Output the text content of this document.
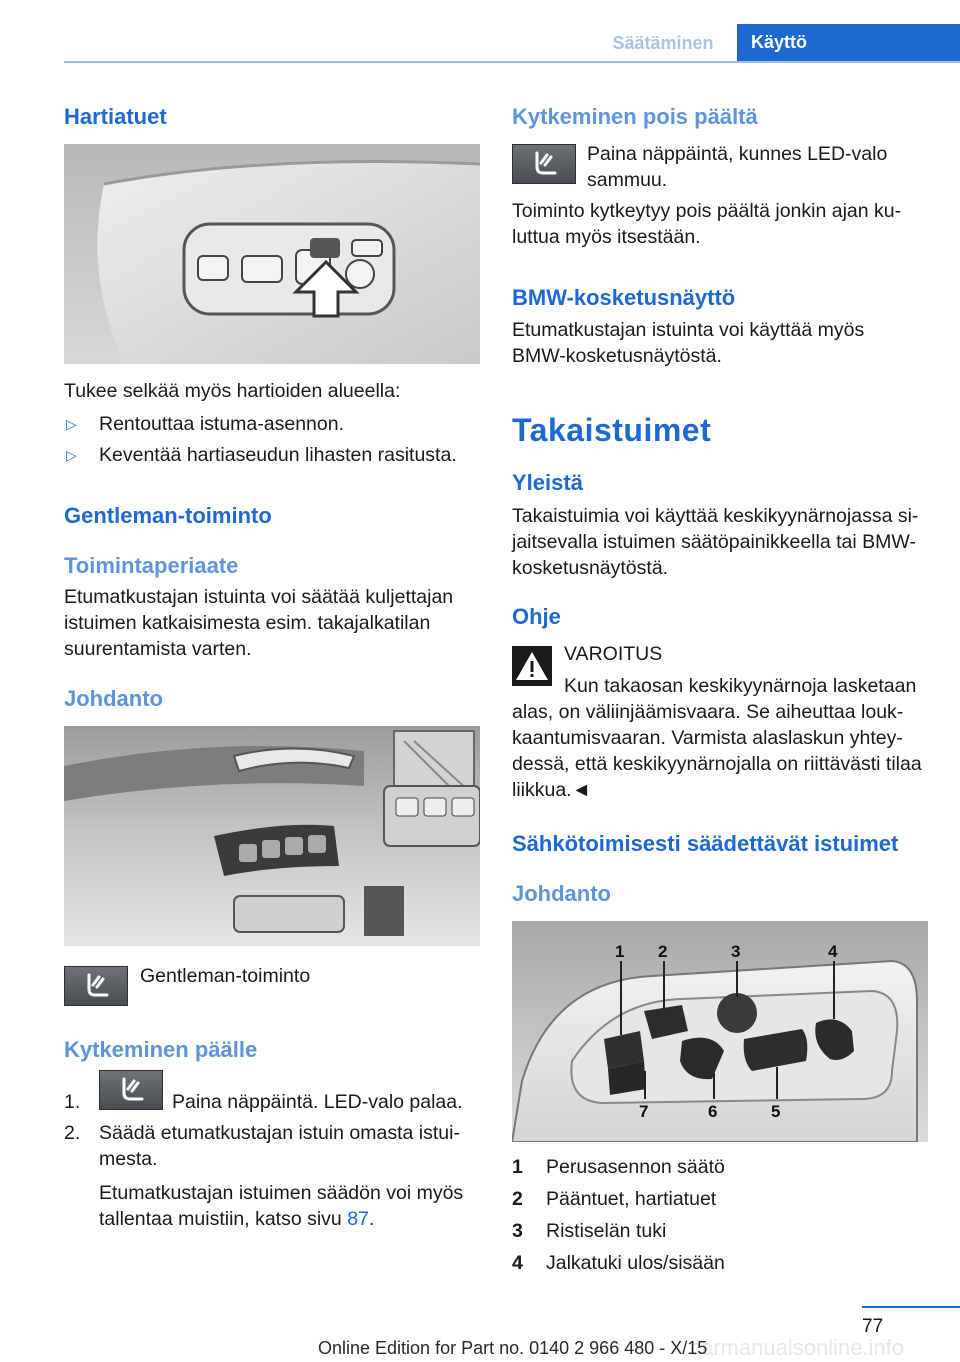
Säätäminen	Käyttö
Hartiatuet
Tukee selkää myös hartioiden alueella:
▷ Rentouttaa istuma-asennon.
▷ Keventää hartiaseudun lihasten rasitusta.
Gentleman-toiminto
Toimintaperiaate
Etumatkustajan istuinta voi säätää kuljettajan
istuimen katkaisimesta esim. takajalkatilan
suurentamista varten.
Johdanto
Gentleman-toiminto
Kytkeminen päälle
1.	Paina näppäintä. LED-valo palaa.
2. Säädä etumatkustajan istuin omasta istui-
mesta.
Etumatkustajan istuimen säädön voi myös
tallentaa muistiin, katso sivu 87.
Kytkeminen pois päältä
Paina näppäintä, kunnes LED-valo
sammuu.
Toiminto kytkeytyy pois päältä jonkin ajan ku-
luttua myös itsestään.
BMW-kosketusnäyttö
Etumatkustajan istuinta voi käyttää myös
BMW-kosketusnäytöstä.
Takaistuimet
Yleistä
Takaistuimia voi käyttää keskikyynärnojassa si-
jaitsevalla istuimen säätöpainikkeella tai BMW-
kosketusnäytöstä.
Ohje
VAROITUS
Kun takaosan keskikyynärnoja lasketaan
alas, on väliinjäämisvaara. Se aiheuttaa louk-
kaantumisvaaran. Varmista alaslaskun yhtey-
dessä, että keskikyynärnojalla on riittävästi tilaa
liikkua.◄
Sähkötoimisesti säädettävät istuimet
Johdanto
1 2	3	4
7	6	5
1 Perusasennon säätö
2 Pääntuet, hartiatuet
3 Ristiselän tuki
4 Jalkatuki ulos/sisään
77
carmanualsonline.info
Online Edition for Part no. 0140 2 966 480 - X/15
